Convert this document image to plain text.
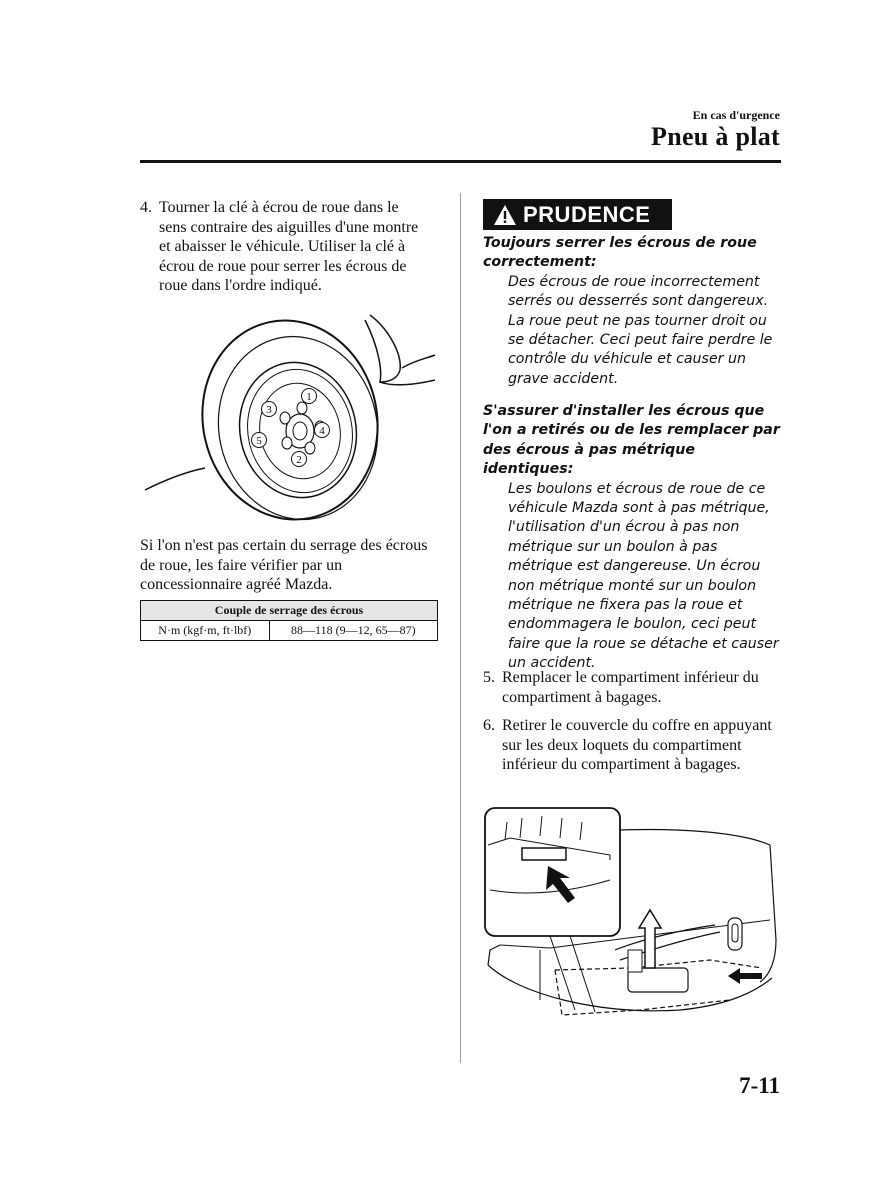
En cas d'urgence
Pneu à plat
4. Tourner la clé à écrou de roue dans le sens contraire des aiguilles d'une montre et abaisser le véhicule. Utiliser la clé à écrou de roue pour serrer les écrous de roue dans l'ordre indiqué.
1
4
2
3
5
Si l'on n'est pas certain du serrage des écrous de roue, les faire vérifier par un concessionnaire agréé Mazda.
Couple de serrage des écrous
N·m (kgf·m, ft·lbf)	88—118 (9—12, 65—87)
PRUDENCE
Toujours serrer les écrous de roue correctement:
Des écrous de roue incorrectement serrés ou desserrés sont dangereux. La roue peut ne pas tourner droit ou se détacher. Ceci peut faire perdre le contrôle du véhicule et causer un grave accident.
S'assurer d'installer les écrous que l'on a retirés ou de les remplacer par des écrous à pas métrique identiques:
Les boulons et écrous de roue de ce véhicule Mazda sont à pas métrique, l'utilisation d'un écrou à pas non métrique sur un boulon à pas métrique est dangereuse. Un écrou non métrique monté sur un boulon métrique ne fixera pas la roue et endommagera le boulon, ceci peut faire que la roue se détache et causer un accident.
5. Remplacer le compartiment inférieur du compartiment à bagages.
6. Retirer le couvercle du coffre en appuyant sur les deux loquets du compartiment inférieur du compartiment à bagages.
7-11
